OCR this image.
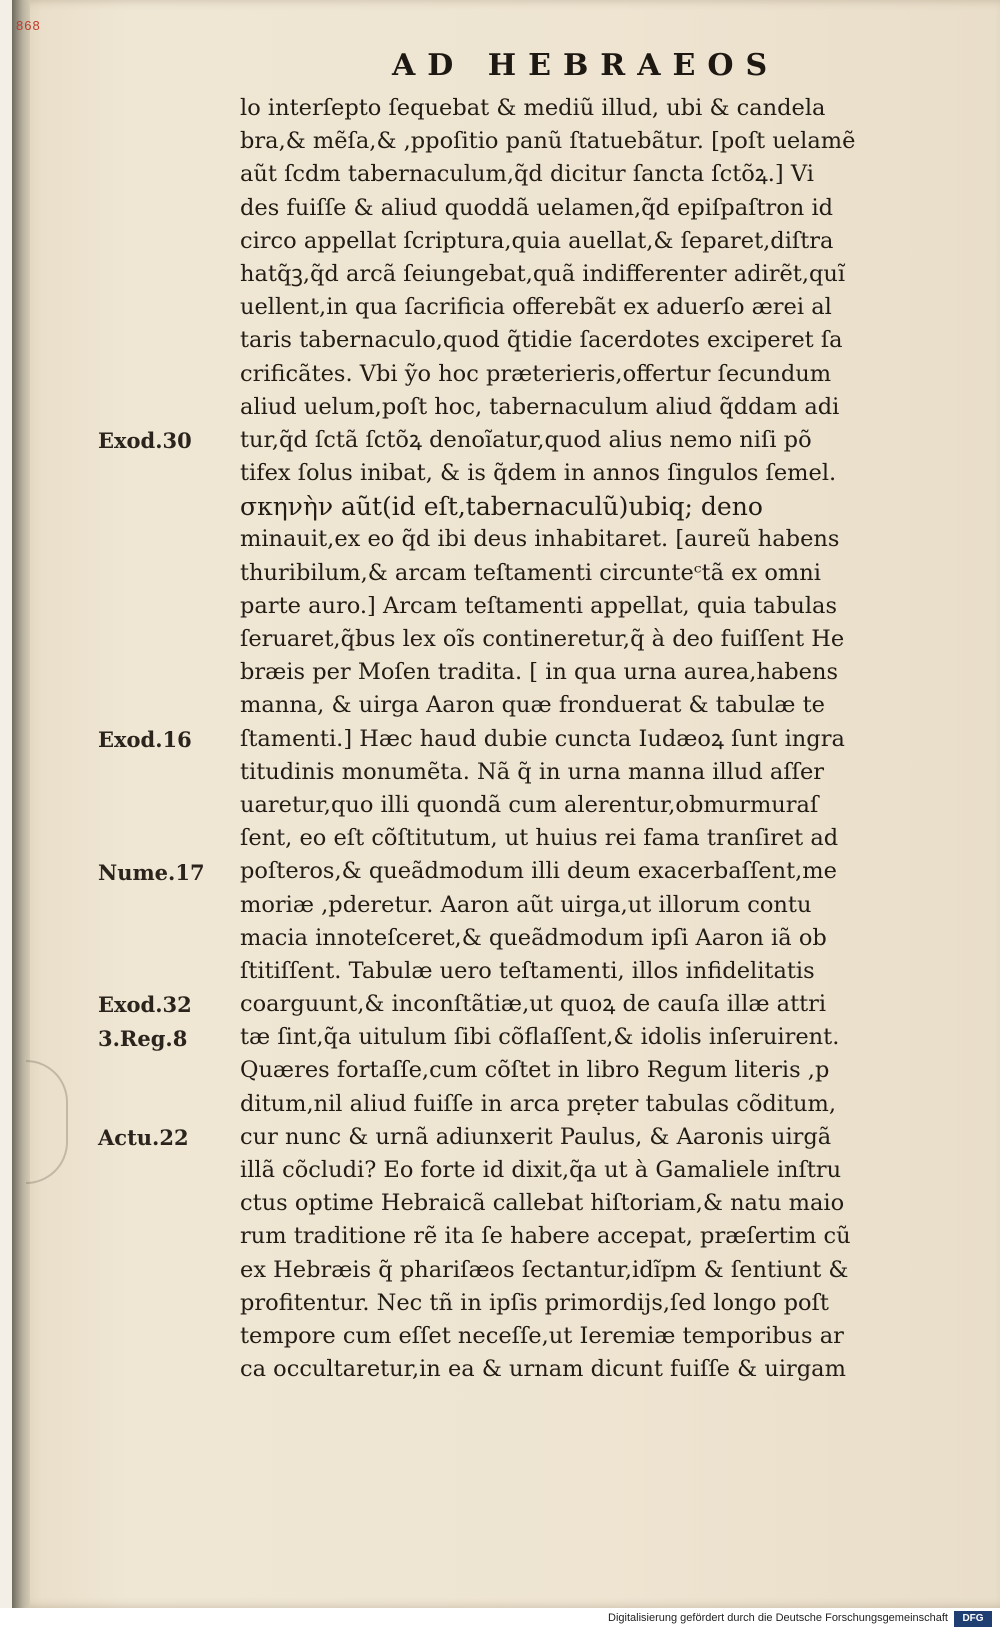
868
AD HEBRAEOS
lo interſepto ſequebat & mediũ illud, ubi & candela
bra,& mẽſa,& ,ppoſitio panũ ſtatuebãtur. [poſt uelamẽ
aũt ſcdm tabernaculum,q̃d dicitur ſancta ſctõꝝ.] Vi
des fuiſſe & aliud quoddã uelamen,q̃d epiſpaſtron id
circo appellat ſcriptura,quia auellat,& ſeparet,diſtra
hatq̃ꝫ,q̃d arcã ſeiungebat,quã indifferenter adirẽt,quĩ
uellent,in qua ſacrificia offerebãt ex aduerſo ærei al
taris tabernaculo,quod q̃tidie ſacerdotes exciperet ſa
crificãtes. Vbi ỹo hoc præterieris,offertur ſecundum
aliud uelum,poſt hoc, tabernaculum aliud q̃ddam adi
tur,q̃d ſctã ſctõꝝ denoĩatur,quod alius nemo niſi põ
tifex ſolus inibat, & is q̃dem in annos ſingulos ſemel.
σκηνὴν aũt(id eſt,tabernaculũ)ubiq; deno
minauit,ex eo q̃d ibi deus inhabitaret. [aureũ habens
thuribilum,& arcam teſtamenti circunteᶜtã ex omni
parte auro.] Arcam teſtamenti appellat, quia tabulas
ſeruaret,q̃bus lex oĩs contineretur,q̃ à deo fuiſſent He
bræis per Moſen tradita. [ in qua urna aurea,habens
manna, & uirga Aaron quæ fronduerat & tabulæ te
ſtamenti.] Hæc haud dubie cuncta Iudæoꝝ ſunt ingra
titudinis monumẽta. Nã q̃ in urna manna illud aſſer
uaretur,quo illi quondã cum alerentur,obmurmuraſ
ſent, eo eſt cõſtitutum, ut huius rei fama tranſiret ad
poſteros,& queãdmodum illi deum exacerbaſſent,me
moriæ ,pderetur. Aaron aũt uirga,ut illorum contu
macia innoteſceret,& queãdmodum ipſi Aaron iã ob
ſtitiſſent. Tabulæ uero teſtamenti, illos infidelitatis
coarguunt,& inconſtãtiæ,ut quoꝝ de cauſa illæ attri
tæ ſint,q̃a uitulum ſibi cõflaſſent,& idolis inſeruirent.
Quæres fortaſſe,cum cõſtet in libro Regum literis ,p
ditum,nil aliud fuiſſe in arca prẹter tabulas cõditum,
cur nunc & urnã adiunxerit Paulus, & Aaronis uirgã
illã cõcludi? Eo forte id dixit,q̃a ut à Gamaliele inſtru
ctus optime Hebraicã callebat hiſtoriam,& natu maio
rum traditione rẽ ita ſe habere accepat, præſertim cũ
ex Hebræis q̃ phariſæos ſectantur,idĩpm & ſentiunt &
profitentur. Nec tñ in ipſis primordijs,ſed longo poſt
tempore cum eſſet neceſſe,ut Ieremiæ temporibus ar
ca occultaretur,in ea & urnam dicunt fuiſſe & uirgam
Exod.30
Exod.16
Nume.17
Exod.32
3.Reg.8
Actu.22
Digitalisierung gefördert durch die Deutsche Forschungsgemeinschaft	DFG
